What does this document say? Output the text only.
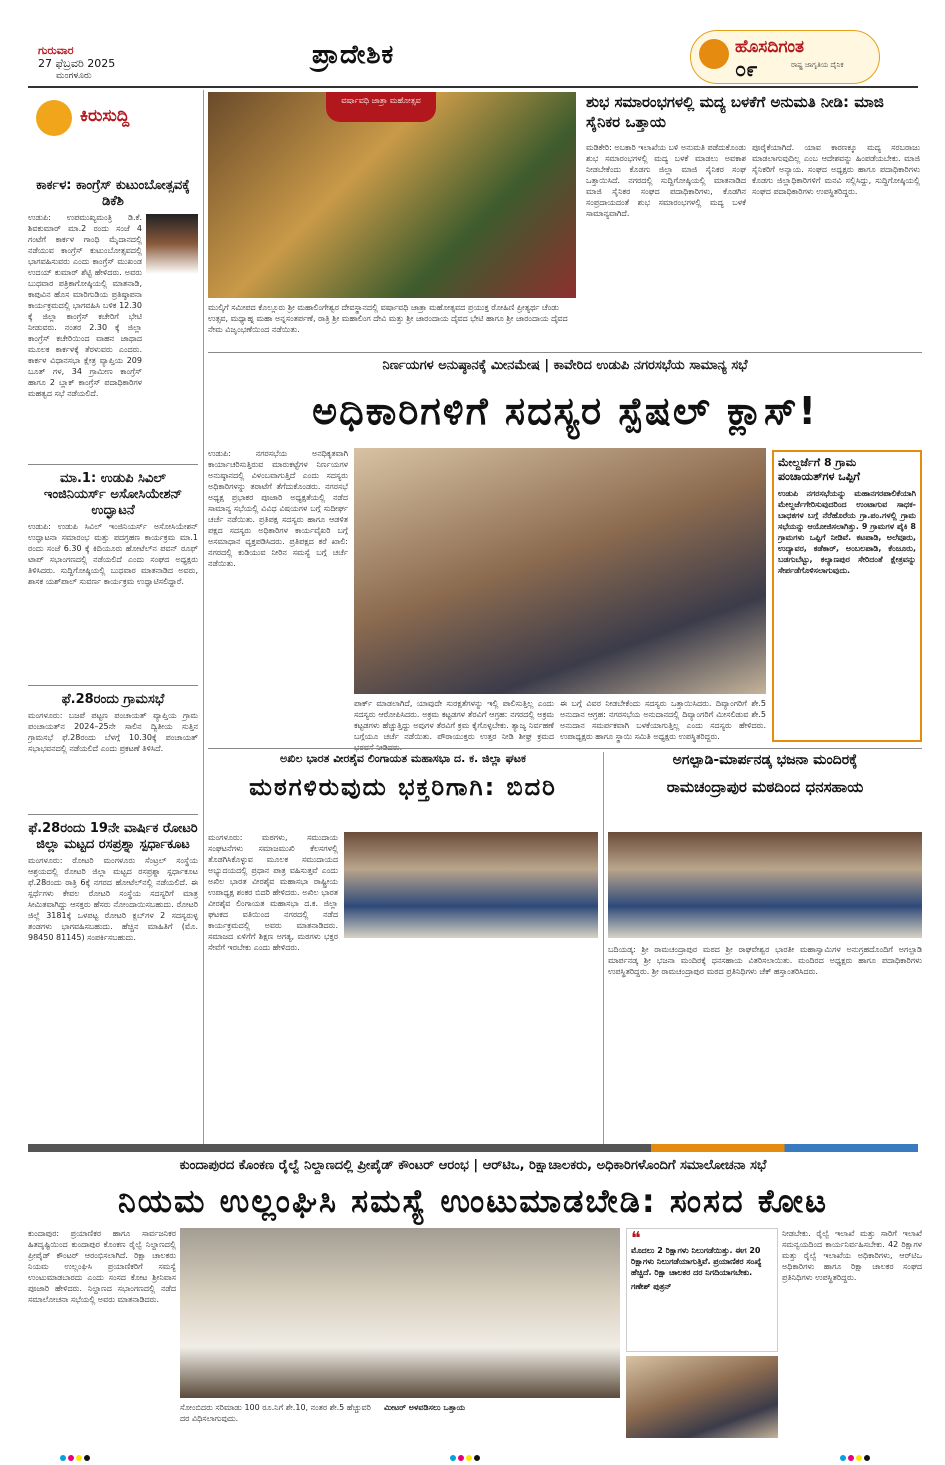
ಗುರುವಾರ
27 ಫೆಬ್ರವರಿ 2025
ಮಂಗಳೂರು
ಪ್ರಾದೇಶಿಕ	ಹೊಸದಿಗಂತ
೦೯	ರಾಷ್ಟ್ರ ಜಾಗೃತಿಯ ದೈನಿಕ
ಕಿರುಸುದ್ದಿ
ಕಾರ್ಕಳ: ಕಾಂಗ್ರೆಸ್ ಕುಟುಂಬೋತ್ಸವಕ್ಕೆ ಡಿಕೆಶಿ
ಉಡುಪಿ: ಉಪಮುಖ್ಯಮಂತ್ರಿ ಡಿ.ಕೆ. ಶಿವಕುಮಾರ್ ಮಾ.2 ರಂದು ಸಂಜೆ 4 ಗಂಟೆಗೆ ಕಾರ್ಕಳ ಗಾಂಧಿ ಮೈದಾನದಲ್ಲಿ ನಡೆಯುವ ಕಾಂಗ್ರೆಸ್ ಕುಟುಂಬೋತ್ಸವದಲ್ಲಿ ಭಾಗವಹಿಸುವರು ಎಂದು ಕಾಂಗ್ರೆಸ್ ಮುಖಂಡ ಉದಯ್ ಕುಮಾರ್ ಶೆಟ್ಟಿ ಹೇಳಿದರು. ಅವರು ಬುಧವಾರ ಪತ್ರಿಕಾಗೋಷ್ಠಿಯಲ್ಲಿ ಮಾತನಾಡಿ, ಕಾಪುವಿನ ಹೊಸ ಮಾರಿಗುಡಿಯ ಪ್ರತಿಷ್ಠಾಪನಾ ಕಾರ್ಯಕ್ರಮದಲ್ಲಿ ಭಾಗವಹಿಸಿ ಬಳಿಕ 12.30 ಕ್ಕೆ ಜಿಲ್ಲಾ ಕಾಂಗ್ರೆಸ್ ಕಚೇರಿಗೆ ಭೇಟಿ ನೀಡುವರು. ನಂತರ 2.30 ಕ್ಕೆ ಜಿಲ್ಲಾ ಕಾಂಗ್ರೆಸ್ ಕಚೇರಿಯಿಂದ ವಾಹನ ಜಾಥಾದ ಮೂಲಕ ಕಾರ್ಕಳಕ್ಕೆ ತೆರಳುವರು ಎಂದರು. ಕಾರ್ಕಳ ವಿಧಾನಸಭಾ ಕ್ಷೇತ್ರ ವ್ಯಾಪ್ತಿಯ 209 ಬೂತ್ ಗಳ, 34 ಗ್ರಾಮೀಣ ಕಾಂಗ್ರೆಸ್ ಹಾಗೂ 2 ಬ್ಲಾಕ್ ಕಾಂಗ್ರೆಸ್ ಪದಾಧಿಕಾರಿಗಳ ಮಹತ್ವದ ಸಭೆ ನಡೆಯಲಿದೆ.
ಮಾ.1: ಉಡುಪಿ ಸಿವಿಲ್ ಇಂಜಿನಿಯರ್ಸ್ ಅಸೋಸಿಯೇಶನ್ ಉದ್ಘಾಟನೆ
ಉಡುಪಿ: ಉಡುಪಿ ಸಿವಿಲ್ ಇಂಜಿನಿಯರ್ಸ್ ಅಸೋಸಿಯೇಶನ್ ಉದ್ಘಾಟನಾ ಸಮಾರಂಭ ಮತ್ತು ಪದಗ್ರಹಣ ಕಾರ್ಯಕ್ರಮ ಮಾ.1 ರಂದು ಸಂಜೆ 6.30 ಕ್ಕೆ ಕಿದಿಯೂರು ಹೋಟೆಲ್‌ನ ಪವನ್ ರೂಫ್ ಟಾಪ್ ಸಭಾಂಗಣದಲ್ಲಿ ನಡೆಯಲಿದೆ ಎಂದು ಸಂಘದ ಅಧ್ಯಕ್ಷರು ತಿಳಿಸಿದರು. ಸುದ್ದಿಗೋಷ್ಠಿಯಲ್ಲಿ ಬುಧವಾರ ಮಾತನಾಡಿದ ಅವರು, ಶಾಸಕ ಯಶ್‌ಪಾಲ್ ಸುವರ್ಣ ಕಾರ್ಯಕ್ರಮ ಉದ್ಘಾಟಿಸಲಿದ್ದಾರೆ.
ಫೆ.28ರಂದು ಗ್ರಾಮಸಭೆ
ಮಂಗಳೂರು: ಬಜಪೆ ಪಟ್ಟಣ ಪಂಚಾಯತ್ ವ್ಯಾಪ್ತಿಯ ಗ್ರಾಮ ಪಂಚಾಯತ್‌ನ 2024–25ನೇ ಸಾಲಿನ ದ್ವಿತೀಯ ಸುತ್ತಿನ ಗ್ರಾಮಸಭೆ ಫೆ.28ರಂದು ಬೆಳಗ್ಗೆ 10.30ಕ್ಕೆ ಪಂಚಾಯತ್ ಸಭಾಭವನದಲ್ಲಿ ನಡೆಯಲಿದೆ ಎಂದು ಪ್ರಕಟಣೆ ತಿಳಿಸಿದೆ.
ಫೆ.28ರಂದು 19ನೇ ವಾರ್ಷಿಕ ರೋಟರಿ ಜಿಲ್ಲಾ ಮಟ್ಟದ ರಸಪ್ರಶ್ನಾ ಸ್ಪರ್ಧಾಕೂಟ
ಮಂಗಳೂರು: ರೋಟರಿ ಮಂಗಳೂರು ಸೆಂಟ್ರಲ್ ಸಂಸ್ಥೆಯ ಆಶ್ರಯದಲ್ಲಿ ರೋಟರಿ ಜಿಲ್ಲಾ ಮಟ್ಟದ ರಸಪ್ರಶ್ನಾ ಸ್ಪರ್ಧಾಕೂಟ ಫೆ.28ರಂದು ರಾತ್ರಿ 6ಕ್ಕೆ ನಗರದ ಹೋಟೆಲ್‌ನಲ್ಲಿ ನಡೆಯಲಿದೆ. ಈ ಸ್ಪರ್ಧೆಗಳು ಕೇವಲ ರೋಟರಿ ಸಂಸ್ಥೆಯ ಸದಸ್ಯರಿಗೆ ಮಾತ್ರ ಸೀಮಿತವಾಗಿದ್ದು ಆಸಕ್ತರು ಹೆಸರು ನೋಂದಾಯಿಸಬಹುದು. ರೋಟರಿ ಜಿಲ್ಲೆ 3181ಕ್ಕೆ ಒಳಪಟ್ಟ ರೋಟರಿ ಕ್ಲಬ್‌ಗಳ 2 ಸದಸ್ಯರುಳ್ಳ ತಂಡಗಳು ಭಾಗವಹಿಸಬಹುದು. ಹೆಚ್ಚಿನ ಮಾಹಿತಿಗೆ (ಮೊ. 98450 81145) ಸಂಪರ್ಕಿಸಬಹುದು.
ವರ್ಷಾವಧಿ ಜಾತ್ರಾ ಮಹೋತ್ಸವ
ಮುಲ್ಕಿಗೆ ಸಮೀಪದ ಕೊಲ್ಲೂರು ಶ್ರೀ ಮಹಾಲಿಂಗೇಶ್ವರ ದೇವಸ್ಥಾನದಲ್ಲಿ ವರ್ಷಾವಧಿ ಜಾತ್ರಾ ಮಹೋತ್ಸವದ ಪ್ರಯುಕ್ತ ರೋಹಿಣಿ ಪ್ರೀತ್ಯರ್ಥ ಚೆಂಡು ಉತ್ಸವ, ಮಧ್ಯಾಹ್ನ ಮಹಾ ಅನ್ನಸಂತರ್ಪಣೆ, ರಾತ್ರಿ ಶ್ರೀ ಮಹಾಲಿಂಗ ದೇವಿ ಮತ್ತು ಶ್ರೀ ಜಾರಂದಾಯ ದೈವದ ಭೇಟಿ ಹಾಗೂ ಶ್ರೀ ಜಾರಂದಾಯ ದೈವದ ನೇಮ ವಿಜೃಂಭಣೆಯಿಂದ ನಡೆಯಿತು.
ಶುಭ ಸಮಾರಂಭಗಳಲ್ಲಿ ಮದ್ಯ ಬಳಕೆಗೆ ಅನುಮತಿ ನೀಡಿ: ಮಾಜಿ ಸೈನಿಕರ ಒತ್ತಾಯ
ಮಡಿಕೇರಿ: ಅಬಕಾರಿ ಇಲಾಖೆಯ ಬಳಿ ಅನುಮತಿ ಪಡೆದುಕೊಂಡು ಶುಭ ಸಮಾರಂಭಗಳಲ್ಲಿ ಮದ್ಯ ಬಳಕೆ ಮಾಡಲು ಅವಕಾಶ ನೀಡಬೇಕೆಂದು ಕೊಡಗು ಜಿಲ್ಲಾ ಮಾಜಿ ಸೈನಿಕರ ಸಂಘ ಒತ್ತಾಯಿಸಿದೆ. ನಗರದಲ್ಲಿ ಸುದ್ದಿಗೋಷ್ಠಿಯಲ್ಲಿ ಮಾತನಾಡಿದ ಮಾಜಿ ಸೈನಿಕರ ಸಂಘದ ಪದಾಧಿಕಾರಿಗಳು, ಕೊಡಗಿನ ಸಂಪ್ರದಾಯದಂತೆ ಶುಭ ಸಮಾರಂಭಗಳಲ್ಲಿ ಮದ್ಯ ಬಳಕೆ ಸಾಮಾನ್ಯವಾಗಿದೆ.
ಪೂರೈಕೆಯಾಗಿದೆ. ಯಾವ ಕಾರಣಕ್ಕೂ ಮದ್ಯ ಸರಬರಾಜು ಮಾಡಲಾಗುವುದಿಲ್ಲ ಎಂಬ ಆದೇಶವನ್ನು ಹಿಂಪಡೆಯಬೇಕು. ಮಾಜಿ ಸೈನಿಕರಿಗೆ ಅನ್ಯಾಯ. ಸಂಘದ ಅಧ್ಯಕ್ಷರು ಹಾಗೂ ಪದಾಧಿಕಾರಿಗಳು ಕೊಡಗು ಜಿಲ್ಲಾಧಿಕಾರಿಗಳಿಗೆ ಮನವಿ ಸಲ್ಲಿಸಿದ್ದು, ಸುದ್ದಿಗೋಷ್ಠಿಯಲ್ಲಿ ಸಂಘದ ಪದಾಧಿಕಾರಿಗಳು ಉಪಸ್ಥಿತರಿದ್ದರು.
ನಿರ್ಣಯಗಳ ಅನುಷ್ಠಾನಕ್ಕೆ ಮೀನಮೇಷ | ಕಾವೇರಿದ ಉಡುಪಿ ನಗರಸಭೆಯ ಸಾಮಾನ್ಯ ಸಭೆ
ಅಧಿಕಾರಿಗಳಿಗೆ ಸದಸ್ಯರ ಸ್ಪೆಷಲ್ ಕ್ಲಾಸ್!
ಉಡುಪಿ: ನಗರಸಭೆಯ ಅನಧಿಕೃತವಾಗಿ ಕಾರ್ಯಾಚರಿಸುತ್ತಿರುವ ಮಾರುಕಟ್ಟೆಗಳ ನಿರ್ಣಯಗಳ ಅನುಷ್ಠಾನದಲ್ಲಿ ವಿಳಂಬವಾಗುತ್ತಿದೆ ಎಂದು ಸದಸ್ಯರು ಅಧಿಕಾರಿಗಳನ್ನು ತರಾಟೆಗೆ ತೆಗೆದುಕೊಂಡರು. ನಗರಸಭೆ ಅಧ್ಯಕ್ಷ ಪ್ರಭಾಕರ ಪೂಜಾರಿ ಅಧ್ಯಕ್ಷತೆಯಲ್ಲಿ ನಡೆದ ಸಾಮಾನ್ಯ ಸಭೆಯಲ್ಲಿ ವಿವಿಧ ವಿಷಯಗಳ ಬಗ್ಗೆ ಸುದೀರ್ಘ ಚರ್ಚೆ ನಡೆಯಿತು. ಪ್ರತಿಪಕ್ಷ ಸದಸ್ಯರು ಹಾಗೂ ಆಡಳಿತ ಪಕ್ಷದ ಸದಸ್ಯರು ಅಧಿಕಾರಿಗಳ ಕಾರ್ಯವೈಖರಿ ಬಗ್ಗೆ ಅಸಮಾಧಾನ ವ್ಯಕ್ತಪಡಿಸಿದರು. ಪ್ರತಿಪಕ್ಷದ ಕರೆ ಖಾಲಿ: ನಗರದಲ್ಲಿ ಕುಡಿಯುವ ನೀರಿನ ಸಮಸ್ಯೆ ಬಗ್ಗೆ ಚರ್ಚೆ ನಡೆಯಿತು.
ಪಾರ್ಕ್ ಮಾಡಲಾಗಿದೆ, ಯಾವುದೇ ಸುರಕ್ಷತೆಗಳನ್ನು ಇಲ್ಲಿ ಪಾಲಿಸುತ್ತಿಲ್ಲ ಎಂದು ಸದಸ್ಯರು ಆರೋಪಿಸಿದರು. ಅಕ್ರಮ ಕಟ್ಟಡಗಳ ತೆರವಿಗೆ ಆಗ್ರಹ: ನಗರದಲ್ಲಿ ಅಕ್ರಮ ಕಟ್ಟಡಗಳು ಹೆಚ್ಚುತ್ತಿದ್ದು ಅವುಗಳ ತೆರವಿಗೆ ಕ್ರಮ ಕೈಗೊಳ್ಳಬೇಕು. ತ್ಯಾಜ್ಯ ನಿರ್ವಹಣೆ ಬಗ್ಗೆಯೂ ಚರ್ಚೆ ನಡೆಯಿತು. ಪೌರಾಯುಕ್ತರು ಉತ್ತರ ನೀಡಿ ಶೀಘ್ರ ಕ್ರಮದ
ಈ ಬಗ್ಗೆ ವಿವರ ನೀಡಬೇಕೆಂದು ಸದಸ್ಯರು ಒತ್ತಾಯಿಸಿದರು. ದಿವ್ಯಾಂಗರಿಗೆ ಶೇ.5 ಅನುದಾನ ಆಗ್ರಹ: ನಗರಸಭೆಯ ಅನುದಾನದಲ್ಲಿ ದಿವ್ಯಾಂಗರಿಗೆ ಮೀಸಲಿಡುವ ಶೇ.5 ಅನುದಾನ ಸಮರ್ಪಕವಾಗಿ ಬಳಕೆಯಾಗುತ್ತಿಲ್ಲ ಎಂದು ಸದಸ್ಯರು ಹೇಳಿದರು. ಉಪಾಧ್ಯಕ್ಷರು ಹಾಗೂ ಸ್ಥಾಯಿ ಸಮಿತಿ ಅಧ್ಯಕ್ಷರು ಉಪಸ್ಥಿತರಿದ್ದರು.
ಮೇಲ್ದರ್ಜೆಗೆ 8 ಗ್ರಾಮ ಪಂಚಾಯತ್‌ಗಳ ಒಪ್ಪಿಗೆ
ಉಡುಪಿ ನಗರಸಭೆಯನ್ನು ಮಹಾನಗರಪಾಲಿಕೆಯಾಗಿ ಮೇಲ್ದರ್ಜೆಗೇರಿಸುವುದರಿಂದ ಉಂಟಾಗುವ ಸಾಧಕ-ಬಾಧಕಗಳ ಬಗ್ಗೆ ನೆರೆಹೊರೆಯ ಗ್ರಾ.ಪಂ.ಗಳಲ್ಲಿ ಗ್ರಾಮ ಸಭೆಯನ್ನು ಆಯೋಜಿಸಲಾಗಿತ್ತು. 9 ಗ್ರಾಮಗಳ ಪೈಕಿ 8 ಗ್ರಾಮಗಳು ಒಪ್ಪಿಗೆ ನೀಡಿವೆ. ಕಟಪಾಡಿ, ಅಲೆವೂರು, ಉದ್ಯಾವರ, ಕಡೆಕಾರ್, ಅಂಬಲಪಾಡಿ, ಕೆಂಜೂರು, ಬಡಗುಬೆಟ್ಟು, ಕಲ್ಯಾಣಪುರ ಸೇರಿದಂತೆ ಕ್ಷೇತ್ರವನ್ನು ಸೇರ್ಪಡೆಗೊಳಿಸಲಾಗುವುದು.
ಅಖಿಲ ಭಾರತ ವೀರಶೈವ ಲಿಂಗಾಯತ ಮಹಾಸಭಾ ದ. ಕ. ಜಿಲ್ಲಾ ಘಟಕ
ಮಠಗಳಿರುವುದು ಭಕ್ತರಿಗಾಗಿ: ಬಿದರಿ
ಮಂಗಳೂರು: ಮಠಗಳು, ಸಮುದಾಯ ಸಂಘಟನೆಗಳು ಸಮಾಜಮುಖಿ ಕೆಲಸಗಳಲ್ಲಿ ತೊಡಗಿಸಿಕೊಳ್ಳುವ ಮೂಲಕ ಸಮುದಾಯದ ಅಭ್ಯುದಯದಲ್ಲಿ ಪ್ರಧಾನ ಪಾತ್ರ ವಹಿಸುತ್ತವೆ ಎಂದು ಅಖಿಲ ಭಾರತ ವೀರಶೈವ ಮಹಾಸಭಾ ರಾಷ್ಟ್ರೀಯ ಉಪಾಧ್ಯಕ್ಷ ಶಂಕರ ಬಿದರಿ ಹೇಳಿದರು. ಅಖಿಲ ಭಾರತ ವೀರಶೈವ ಲಿಂಗಾಯತ ಮಹಾಸಭಾ ದ.ಕ. ಜಿಲ್ಲಾ ಘಟಕದ ವತಿಯಿಂದ ನಗರದಲ್ಲಿ ನಡೆದ ಕಾರ್ಯಕ್ರಮದಲ್ಲಿ ಅವರು ಮಾತನಾಡಿದರು. ಸಮಾಜದ ಏಳಿಗೆಗೆ ಶಿಕ್ಷಣ ಅಗತ್ಯ, ಮಠಗಳು ಭಕ್ತರ ಸೇವೆಗೆ ಇರಬೇಕು ಎಂದು ಹೇಳಿದರು.
ಅಗಲ್ಪಾಡಿ-ಮಾರ್ಪನಡ್ಕ ಭಜನಾ ಮಂದಿರಕ್ಕೆ
ರಾಮಚಂದ್ರಾಪುರ ಮಠದಿಂದ ಧನಸಹಾಯ
ಬದಿಯಡ್ಕ: ಶ್ರೀ ರಾಮಚಂದ್ರಾಪುರ ಮಠದ ಶ್ರೀ ರಾಘವೇಶ್ವರ ಭಾರತೀ ಮಹಾಸ್ವಾಮಿಗಳ ಅನುಗ್ರಹದೊಂದಿಗೆ ಅಗಲ್ಪಾಡಿ ಮಾರ್ಪನಡ್ಕ ಶ್ರೀ ಭಜನಾ ಮಂದಿರಕ್ಕೆ ಧನಸಹಾಯ ವಿತರಿಸಲಾಯಿತು. ಮಂದಿರದ ಅಧ್ಯಕ್ಷರು ಹಾಗೂ ಪದಾಧಿಕಾರಿಗಳು ಉಪಸ್ಥಿತರಿದ್ದರು. ಶ್ರೀ ರಾಮಚಂದ್ರಾಪುರ ಮಠದ ಪ್ರತಿನಿಧಿಗಳು ಚೆಕ್ ಹಸ್ತಾಂತರಿಸಿದರು.
ಕುಂದಾಪುರದ ಕೊಂಕಣ ರೈಲ್ವೆ ನಿಲ್ದಾಣದಲ್ಲಿ ಪ್ರೀಪೈಡ್ ಕೌಂಟರ್ ಆರಂಭ | ಆರ್‌ಟಿಒ, ರಿಕ್ಷಾಚಾಲಕರು, ಅಧಿಕಾರಿಗಳೊಂದಿಗೆ ಸಮಾಲೋಚನಾ ಸಭೆ
ನಿಯಮ ಉಲ್ಲಂಘಿಸಿ ಸಮಸ್ಯೆ ಉಂಟುಮಾಡಬೇಡಿ: ಸಂಸದ ಕೋಟ
ಕುಂದಾಪುರ: ಪ್ರಯಾಣಿಕರ ಹಾಗೂ ಸಾರ್ವಜನಿಕರ ಹಿತದೃಷ್ಟಿಯಿಂದ ಕುಂದಾಪುರ ಕೊಂಕಣ ರೈಲ್ವೆ ನಿಲ್ದಾಣದಲ್ಲಿ ಪ್ರೀಪೈಡ್ ಕೌಂಟರ್ ಆರಂಭಿಸಲಾಗಿದೆ. ರಿಕ್ಷಾ ಚಾಲಕರು ನಿಯಮ ಉಲ್ಲಂಘಿಸಿ ಪ್ರಯಾಣಿಕರಿಗೆ ಸಮಸ್ಯೆ ಉಂಟುಮಾಡಬಾರದು ಎಂದು ಸಂಸದ ಕೋಟ ಶ್ರೀನಿವಾಸ ಪೂಜಾರಿ ಹೇಳಿದರು. ನಿಲ್ದಾಣದ ಸಭಾಂಗಣದಲ್ಲಿ ನಡೆದ ಸಮಾಲೋಚನಾ ಸಭೆಯಲ್ಲಿ ಅವರು ಮಾತನಾಡಿದರು.
ಸೋಂಬಿದರು ಸರಿಮಾಡು 100 ರೂ.ನಿಗೆ ಶೇ.10, ನಂತರ ಶೇ.5 ಹೆಚ್ಚುವರಿ ದರ ವಿಧಿಸಲಾಗುವುದು.
ಮೀಟರ್ ಅಳವಡಿಸಲು ಒತ್ತಾಯ
❝
ಮೊದಲು 2 ರಿಕ್ಷಾಗಳು ನಿಲುಗಡೆಯಿತ್ತು. ಈಗ 20 ರಿಕ್ಷಾಗಳು ನಿಲುಗಡೆಯಾಗುತ್ತಿವೆ. ಪ್ರಯಾಣಿಕರ ಸಂಖ್ಯೆ ಹೆಚ್ಚಿದೆ. ರಿಕ್ಷಾ ಚಾಲಕರ ದರ ನಿಗದಿಯಾಗಬೇಕು.
ಗಣೇಶ್ ಪುತ್ರನ್
ನೀಡಬೇಕು. ರೈಲ್ವೆ ಇಲಾಖೆ ಮತ್ತು ಸಾರಿಗೆ ಇಲಾಖೆ ಸಮನ್ವಯದಿಂದ ಕಾರ್ಯನಿರ್ವಹಿಸಬೇಕು. 42 ರಿಕ್ಷಾಗಳ ಮತ್ತು ರೈಲ್ವೆ ಇಲಾಖೆಯ ಅಧಿಕಾರಿಗಳು, ಆರ್‌ಟಿಒ ಅಧಿಕಾರಿಗಳು ಹಾಗೂ ರಿಕ್ಷಾ ಚಾಲಕರ ಸಂಘದ ಪ್ರತಿನಿಧಿಗಳು ಉಪಸ್ಥಿತರಿದ್ದರು.
